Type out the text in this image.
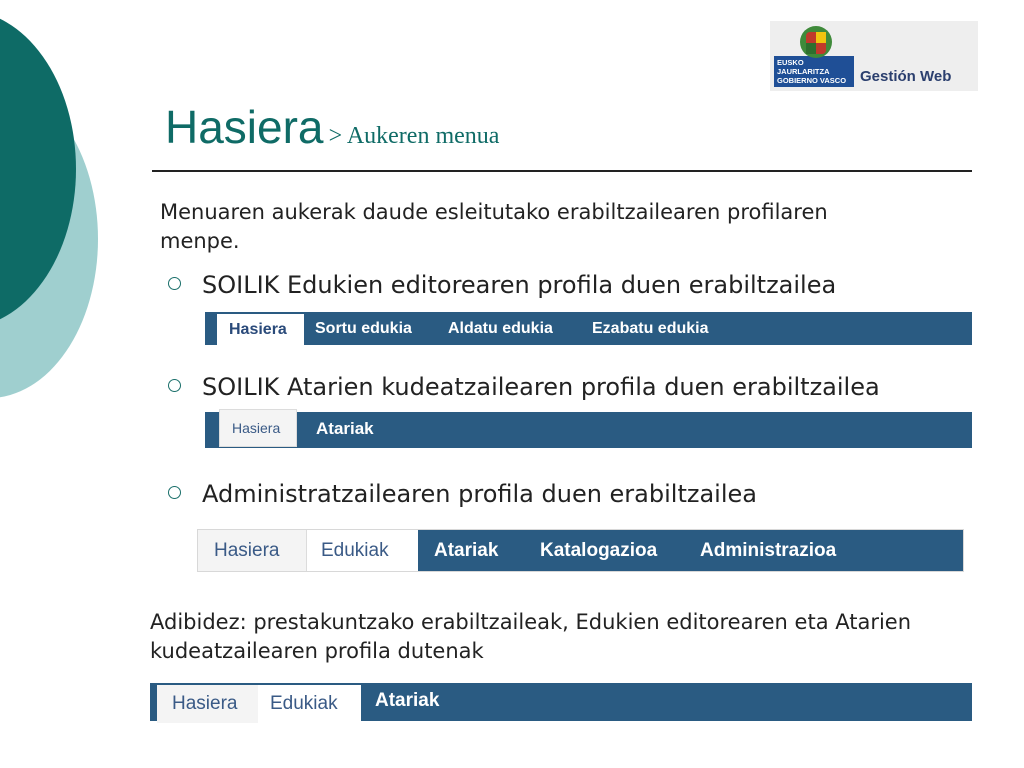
EUSKO JAURLARITZA
GOBIERNO VASCO Gestión Web
Hasiera > Aukeren menua
Menuaren aukerak daude esleitutako erabiltzailearen profilaren menpe.
SOILIK Edukien editorearen profila duen erabiltzailea
Hasiera	Sortu edukia Aldatu edukia Ezabatu edukia
SOILIK Atarien kudeatzailearen profila duen erabiltzailea
Hasiera	Atariak
Administratzailearen profila duen erabiltzailea
Hasiera	Edukiak	Atariak Katalogazioa Administrazioa
Adibidez: prestakuntzako erabiltzaileak, Edukien editorearen eta Atarien kudeatzailearen profila dutenak
Hasiera	Edukiak	Atariak
